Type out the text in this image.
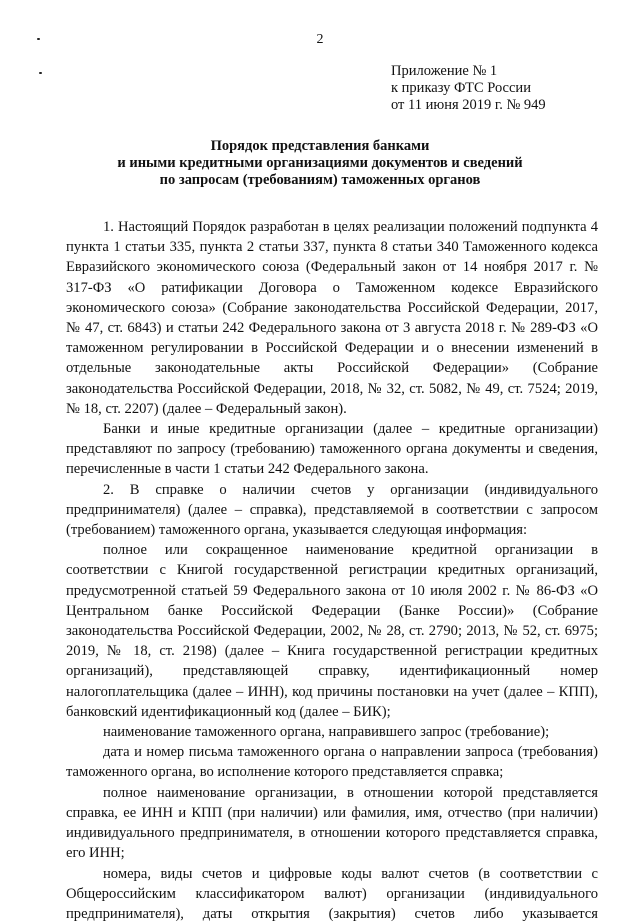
2
Приложение № 1
к приказу ФТС России
от 11 июня 2019 г. № 949
Порядок представления банками
и иными кредитными организациями документов и сведений
по запросам (требованиям) таможенных органов

1. Настоящий Порядок разработан в целях реализации положений подпункта 4 пункта 1 статьи 335, пункта 2 статьи 337, пункта 8 статьи 340 Таможенного кодекса Евразийского экономического союза (Федеральный закон от 14 ноября 2017 г. № 317-ФЗ «О ратификации Договора о Таможенном кодексе Евразийского экономического союза» (Собрание законодательства Российской Федерации, 2017, № 47, ст. 6843) и статьи 242 Федерального закона от 3 августа 2018 г. № 289-ФЗ «О таможенном регулировании в Российской Федерации и о внесении изменений в отдельные законодательные акты Российской Федерации» (Собрание законодательства Российской Федерации, 2018, № 32, ст. 5082, № 49, ст. 7524; 2019, № 18, ст. 2207) (далее – Федеральный закон).

Банки и иные кредитные организации (далее – кредитные организации) представляют по запросу (требованию) таможенного органа документы и сведения, перечисленные в части 1 статьи 242 Федерального закона.

2. В справке о наличии счетов у организации (индивидуального предпринимателя) (далее – справка), представляемой в соответствии с запросом (требованием) таможенного органа, указывается следующая информация:

полное или сокращенное наименование кредитной организации в соответствии с Книгой государственной регистрации кредитных организаций, предусмотренной статьей 59 Федерального закона от 10 июля 2002 г. № 86-ФЗ «О Центральном банке Российской Федерации (Банке России)» (Собрание законодательства Российской Федерации, 2002, № 28, ст. 2790; 2013, № 52, ст. 6975; 2019, № 18, ст. 2198) (далее – Книга государственной регистрации кредитных организаций), представляющей справку, идентификационный номер налогоплательщика (далее – ИНН), код причины постановки на учет (далее – КПП), банковский идентификационный код (далее – БИК);

наименование таможенного органа, направившего запрос (требование);

дата и номер письма таможенного органа о направлении запроса (требования) таможенного органа, во исполнение которого представляется справка;

полное наименование организации, в отношении которой представляется справка, ее ИНН и КПП (при наличии) или фамилия, имя, отчество (при наличии) индивидуального предпринимателя, в отношении которого представляется справка, его ИНН;

номера, виды счетов и цифровые коды валют счетов (в соответствии с Общероссийским классификатором валют) организации (индивидуального предпринимателя), даты открытия (закрытия) счетов либо указывается
